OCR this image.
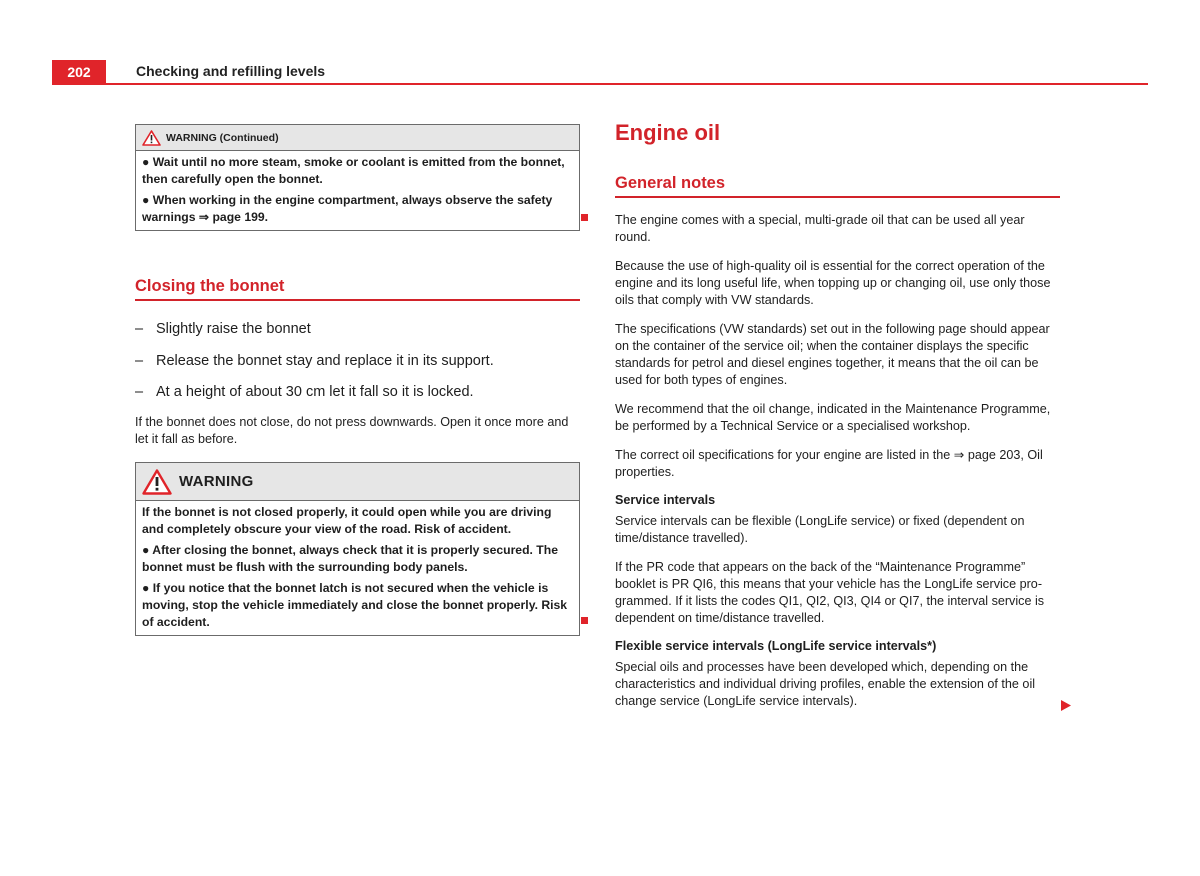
202	Checking and refilling levels
WARNING (Continued)

● Wait until no more steam, smoke or coolant is emitted from the bonnet, then carefully open the bonnet.

● When working in the engine compartment, always observe the safety warnings ⇒ page 199.

Closing the bonnet
– Slightly raise the bonnet
– Release the bonnet stay and replace it in its support.
– At a height of about 30 cm let it fall so it is locked.

If the bonnet does not close, do not press downwards. Open it once more and let it fall as before.

WARNING

If the bonnet is not closed properly, it could open while you are driving and completely obscure your view of the road. Risk of accident.

● After closing the bonnet, always check that it is properly secured. The bonnet must be flush with the surrounding body panels.

● If you notice that the bonnet latch is not secured when the vehicle is moving, stop the vehicle immediately and close the bonnet properly. Risk of accident.

Engine oil
General notes

The engine comes with a special, multi-grade oil that can be used all year round.

Because the use of high-quality oil is essential for the correct operation of the engine and its long useful life, when topping up or changing oil, use only those oils that comply with VW standards.

The specifications (VW standards) set out in the following page should appear on the container of the service oil; when the container displays the specific standards for petrol and diesel engines together, it means that the oil can be used for both types of engines.

We recommend that the oil change, indicated in the Maintenance Programme, be performed by a Technical Service or a specialised workshop.

The correct oil specifications for your engine are listed in the ⇒ page 203, Oil properties.

Service intervals

Service intervals can be flexible (LongLife service) or fixed (dependent on time/distance travelled).

If the PR code that appears on the back of the “Maintenance Programme” booklet is PR QI6, this means that your vehicle has the LongLife service programmed. If it lists the codes QI1, QI2, QI3, QI4 or QI7, the interval service is dependent on time/distance travelled.

Flexible service intervals (LongLife service intervals*)

Special oils and processes have been developed which, depending on the characteristics and individual driving profiles, enable the extension of the oil change service (LongLife service intervals).
